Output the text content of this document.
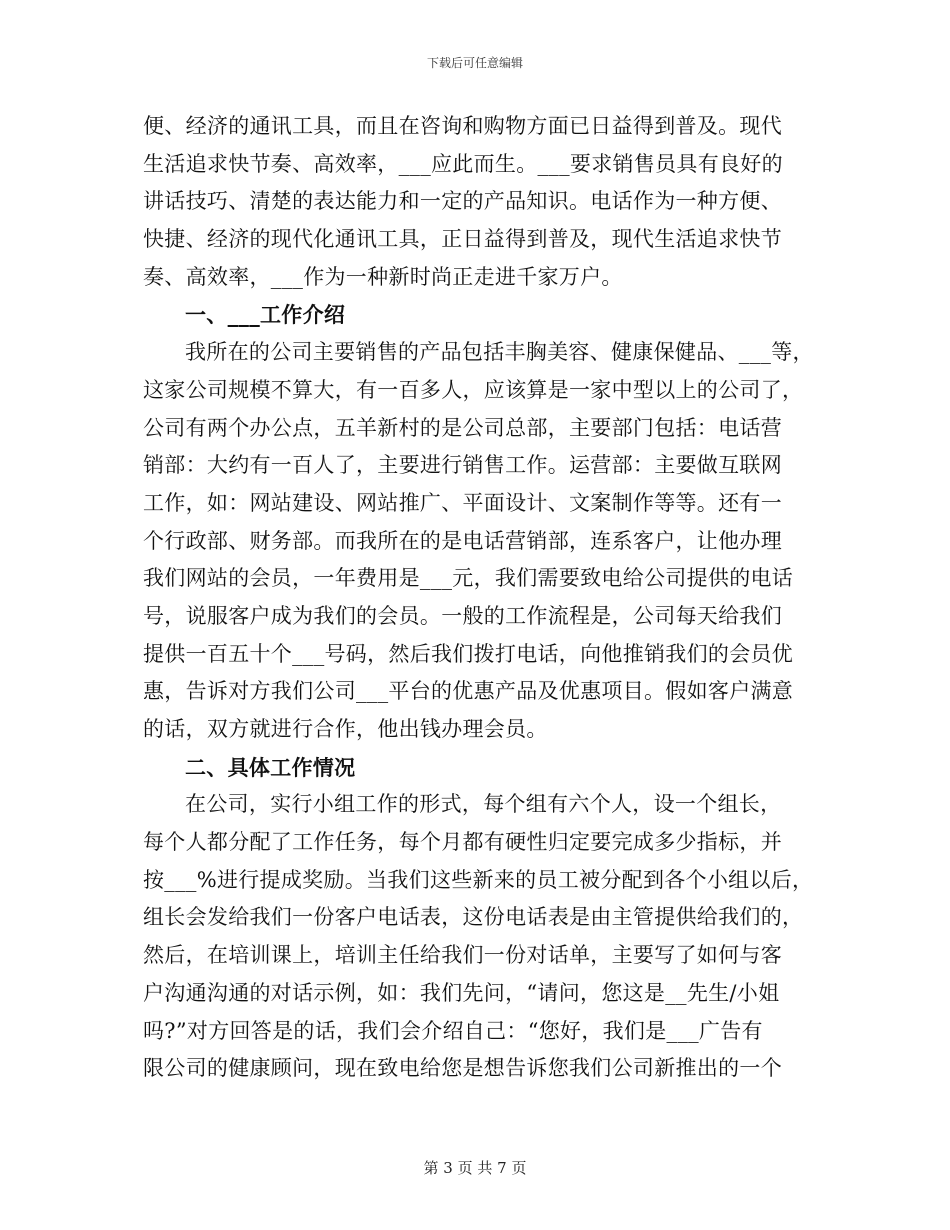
下载后可任意编辑
便、经济的通讯工具，而且在咨询和购物方面已日益得到普及。现代
生活追求快节奏、高效率，___应此而生。___要求销售员具有良好的
讲话技巧、清楚的表达能力和一定的产品知识。电话作为一种方便、
快捷、经济的现代化通讯工具，正日益得到普及，现代生活追求快节
奏、高效率，___作为一种新时尚正走进千家万户。
一、___工作介绍
我所在的公司主要销售的产品包括丰胸美容、健康保健品、___等，
这家公司规模不算大，有一百多人，应该算是一家中型以上的公司了，
公司有两个办公点，五羊新村的是公司总部，主要部门包括：电话营
销部：大约有一百人了，主要进行销售工作。运营部：主要做互联网
工作，如：网站建设、网站推广、平面设计、文案制作等等。还有一
个行政部、财务部。而我所在的是电话营销部，连系客户，让他办理
我们网站的会员，一年费用是___元，我们需要致电给公司提供的电话
号，说服客户成为我们的会员。一般的工作流程是，公司每天给我们
提供一百五十个___号码，然后我们拨打电话，向他推销我们的会员优
惠，告诉对方我们公司___平台的优惠产品及优惠项目。假如客户满意
的话，双方就进行合作，他出钱办理会员。
二、具体工作情况
在公司，实行小组工作的形式，每个组有六个人，设一个组长，
每个人都分配了工作任务，每个月都有硬性归定要完成多少指标，并
按___%进行提成奖励。当我们这些新来的员工被分配到各个小组以后，
组长会发给我们一份客户电话表，这份电话表是由主管提供给我们的，
然后，在培训课上，培训主任给我们一份对话单，主要写了如何与客
户沟通沟通的对话示例，如：我们先问，“请问，您这是__先生/小姐
吗?”对方回答是的话，我们会介绍自己：“您好，我们是___广告有
限公司的健康顾问，现在致电给您是想告诉您我们公司新推出的一个
第 3 页 共 7 页
